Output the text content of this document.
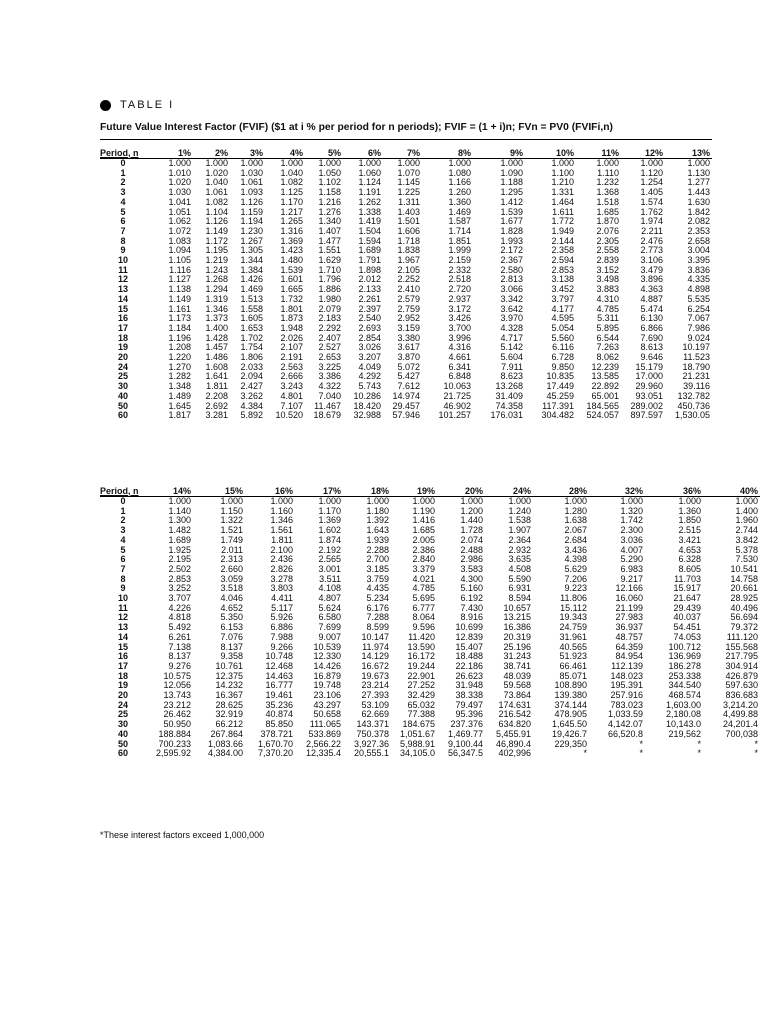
TABLE I
Future Value Interest Factor (FVIF) ($1 at i % per period for n periods); FVIF = (1 + i)n; FVn = PV0 (FVIFi,n)
Period, n	1%	2%	3%	4%	5%	6%	7%	8%	9%	10%	11%	12%	13%
0	1.000	1.000	1.000	1.000	1.000	1.000	1.000	1.000	1.000	1.000	1.000	1.000	1.000
1	1.010	1.020	1.030	1.040	1.050	1.060	1.070	1.080	1.090	1.100	1.110	1.120	1.130
2	1.020	1.040	1.061	1.082	1.102	1.124	1.145	1.166	1.188	1.210	1.232	1.254	1.277
3	1.030	1.061	1.093	1.125	1.158	1.191	1.225	1.260	1.295	1.331	1.368	1.405	1.443
4	1.041	1.082	1.126	1.170	1.216	1.262	1.311	1.360	1.412	1.464	1.518	1.574	1.630
5	1.051	1.104	1.159	1.217	1.276	1.338	1.403	1.469	1.539	1.611	1.685	1.762	1.842
6	1.062	1.126	1.194	1.265	1.340	1.419	1.501	1.587	1.677	1.772	1.870	1.974	2.082
7	1.072	1.149	1.230	1.316	1.407	1.504	1.606	1.714	1.828	1.949	2.076	2.211	2.353
8	1.083	1.172	1.267	1.369	1.477	1.594	1.718	1.851	1.993	2.144	2.305	2.476	2.658
9	1.094	1.195	1.305	1.423	1.551	1.689	1.838	1.999	2.172	2.358	2.558	2.773	3.004
10	1.105	1.219	1.344	1.480	1.629	1.791	1.967	2.159	2.367	2.594	2.839	3.106	3.395
11	1.116	1.243	1.384	1.539	1.710	1.898	2.105	2.332	2.580	2.853	3.152	3.479	3.836
12	1.127	1.268	1.426	1.601	1.796	2.012	2.252	2.518	2.813	3.138	3.498	3.896	4.335
13	1.138	1.294	1.469	1.665	1.886	2.133	2.410	2.720	3.066	3.452	3.883	4.363	4.898
14	1.149	1.319	1.513	1.732	1.980	2.261	2.579	2.937	3.342	3.797	4.310	4.887	5.535
15	1.161	1.346	1.558	1.801	2.079	2.397	2.759	3.172	3.642	4.177	4.785	5.474	6.254
16	1.173	1.373	1.605	1.873	2.183	2.540	2.952	3.426	3.970	4.595	5.311	6.130	7.067
17	1.184	1.400	1.653	1.948	2.292	2.693	3.159	3.700	4.328	5.054	5.895	6.866	7.986
18	1.196	1.428	1.702	2.026	2.407	2.854	3.380	3.996	4.717	5.560	6.544	7.690	9.024
19	1.208	1.457	1.754	2.107	2.527	3.026	3.617	4.316	5.142	6.116	7.263	8.613	10.197
20	1.220	1.486	1.806	2.191	2.653	3.207	3.870	4.661	5.604	6.728	8.062	9.646	11.523
24	1.270	1.608	2.033	2.563	3.225	4.049	5.072	6.341	7.911	9.850	12.239	15.179	18.790
25	1.282	1.641	2.094	2.666	3.386	4.292	5.427	6.848	8.623	10.835	13.585	17.000	21.231
30	1.348	1.811	2.427	3.243	4.322	5.743	7.612	10.063	13.268	17.449	22.892	29.960	39.116
40	1.489	2.208	3.262	4.801	7.040	10.286	14.974	21.725	31.409	45.259	65.001	93.051	132.782
50	1.645	2.692	4.384	7.107	11.467	18.420	29.457	46.902	74.358	117.391	184.565	289.002	450.736
60	1.817	3.281	5.892	10.520	18.679	32.988	57.946	101.257	176.031	304.482	524.057	897.597	1,530.05
Period, n	14%	15%	16%	17%	18%	19%	20%	24%	28%	32%	36%	40%
0	1.000	1.000	1.000	1.000	1.000	1.000	1.000	1.000	1.000	1.000	1.000	1.000
1	1.140	1.150	1.160	1.170	1.180	1.190	1.200	1.240	1.280	1.320	1.360	1.400
2	1.300	1.322	1.346	1.369	1.392	1.416	1.440	1.538	1.638	1.742	1.850	1.960
3	1.482	1.521	1.561	1.602	1.643	1.685	1.728	1.907	2.067	2.300	2.515	2.744
4	1.689	1.749	1.811	1.874	1.939	2.005	2.074	2.364	2.684	3.036	3.421	3.842
5	1.925	2.011	2.100	2.192	2.288	2.386	2.488	2.932	3.436	4.007	4.653	5.378
6	2.195	2.313	2.436	2.565	2.700	2.840	2.986	3.635	4.398	5.290	6.328	7.530
7	2.502	2.660	2.826	3.001	3.185	3.379	3.583	4.508	5.629	6.983	8.605	10.541
8	2.853	3.059	3.278	3.511	3.759	4.021	4.300	5.590	7.206	9.217	11.703	14.758
9	3.252	3.518	3.803	4.108	4.435	4.785	5.160	6.931	9.223	12.166	15.917	20.661
10	3.707	4.046	4.411	4.807	5.234	5.695	6.192	8.594	11.806	16.060	21.647	28.925
11	4.226	4.652	5.117	5.624	6.176	6.777	7.430	10.657	15.112	21.199	29.439	40.496
12	4.818	5.350	5.926	6.580	7.288	8.064	8.916	13.215	19.343	27.983	40.037	56.694
13	5.492	6.153	6.886	7.699	8.599	9.596	10.699	16.386	24.759	36.937	54.451	79.372
14	6.261	7.076	7.988	9.007	10.147	11.420	12.839	20.319	31.961	48.757	74.053	111.120
15	7.138	8.137	9.266	10.539	11.974	13.590	15.407	25.196	40.565	64.359	100.712	155.568
16	8.137	9.358	10.748	12.330	14.129	16.172	18.488	31.243	51.923	84.954	136.969	217.795
17	9.276	10.761	12.468	14.426	16.672	19.244	22.186	38.741	66.461	112.139	186.278	304.914
18	10.575	12.375	14.463	16.879	19.673	22.901	26.623	48.039	85.071	148.023	253.338	426.879
19	12.056	14.232	16.777	19.748	23.214	27.252	31.948	59.568	108.890	195.391	344.540	597.630
20	13.743	16.367	19.461	23.106	27.393	32.429	38.338	73.864	139.380	257.916	468.574	836.683
24	23.212	28.625	35.236	43.297	53.109	65.032	79.497	174.631	374.144	783.023	1,603.00	3,214.20
25	26.462	32.919	40.874	50.658	62.669	77.388	95.396	216.542	478.905	1,033.59	2,180.08	4,499.88
30	50.950	66.212	85.850	111.065	143.371	184.675	237.376	634.820	1,645.50	4,142.07	10,143.0	24,201.4
40	188.884	267.864	378.721	533.869	750.378	1,051.67	1,469.77	5,455.91	19,426.7	66,520.8	219,562	700,038
50	700.233	1,083.66	1,670.70	2,566.22	3,927.36	5,988.91	9,100.44	46,890.4	229,350	*	*	*
60	2,595.92	4,384.00	7,370.20	12,335.4	20,555.1	34,105.0	56,347.5	402,996	*	*	*	*
*These interest factors exceed 1,000,000
